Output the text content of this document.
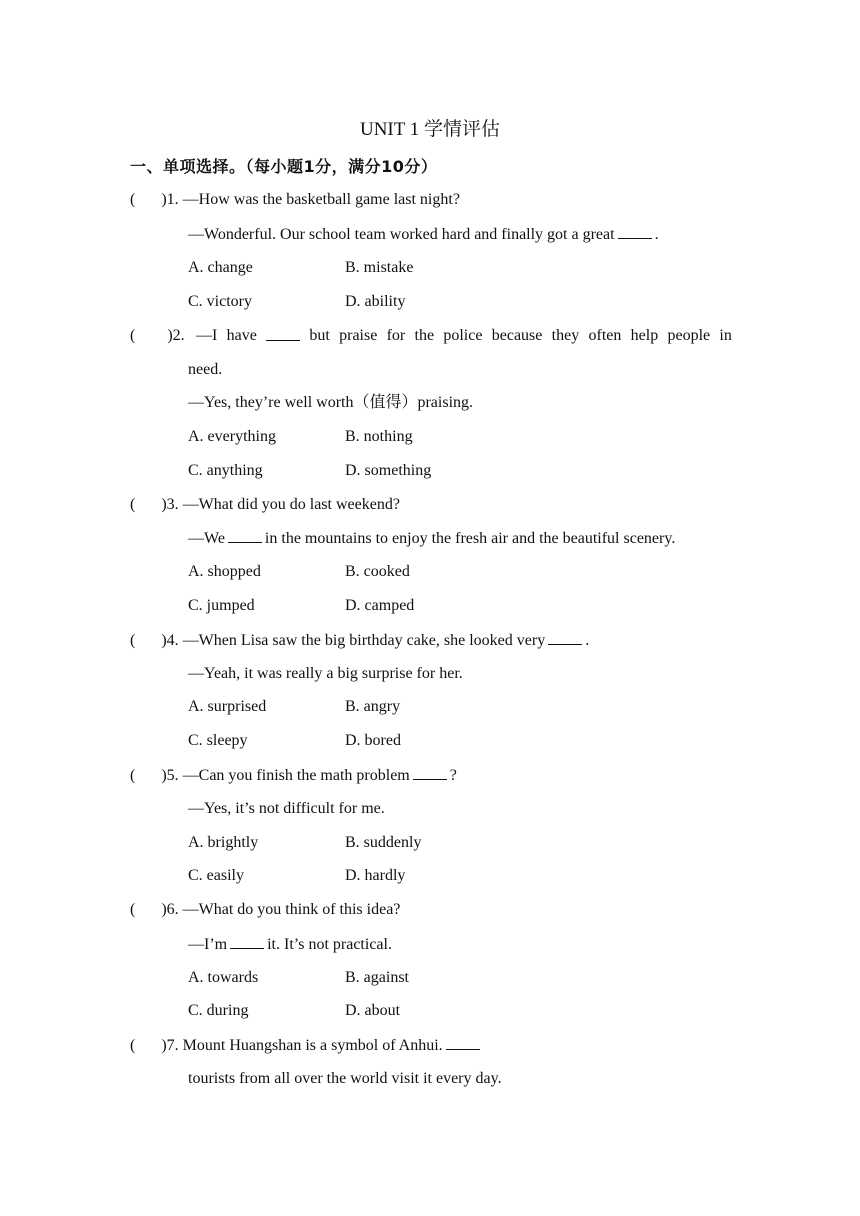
UNIT 1 学情评估
一、单项选择。（每小题1分，满分10分）
( )1. —How was the basketball game last night?
—Wonderful. Our school team worked hard and finally got a great	.
A. change	B. mistake
C. victory	D. ability
( )2. —I have	but praise for the police because they often help people in
need.
—Yes, they’re well worth（值得）praising.
A. everything	B. nothing
C. anything	D. something
( )3. —What did you do last weekend?
—We	in the mountains to enjoy the fresh air and the beautiful scenery.
A. shopped	B. cooked
C. jumped	D. camped
( )4. —When Lisa saw the big birthday cake, she looked very	.
—Yeah, it was really a big surprise for her.
A. surprised	B. angry
C. sleepy	D. bored
( )5. —Can you finish the math problem	?
—Yes, it’s not difficult for me.
A. brightly	B. suddenly
C. easily	D. hardly
( )6. —What do you think of this idea?
—I’m	it. It’s not practical.
A. towards	B. against
C. during	D. about
( )7. Mount Huangshan is a symbol of Anhui.
tourists from all over the world visit it every day.
